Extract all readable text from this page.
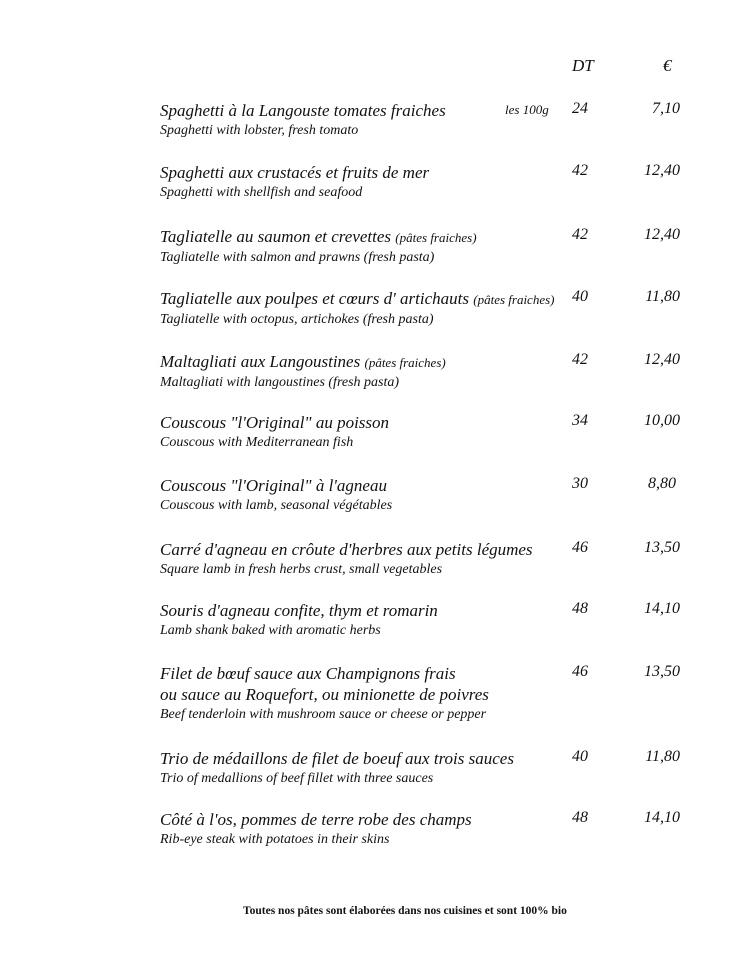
DT	€
Spaghetti à la Langouste tomates fraiches	les 100g
Spaghetti with lobster, fresh tomato
24	7,10
Spaghetti aux crustacés et fruits de mer
Spaghetti with shellfish and seafood
42	12,40
Tagliatelle au saumon et crevettes (pâtes fraiches)
Tagliatelle with salmon and prawns (fresh pasta)
42	12,40
Tagliatelle aux poulpes et cœurs d' artichauts (pâtes fraiches)
Tagliatelle with octopus, artichokes (fresh pasta)
40	11,80
Maltagliati aux Langoustines (pâtes fraiches)
Maltagliati with langoustines (fresh pasta)
42	12,40
Couscous "l'Original" au poisson
Couscous with Mediterranean fish
34	10,00
Couscous "l'Original" à l'agneau
Couscous with lamb, seasonal végétables
30	8,80
Carré d'agneau en crôute d'herbres aux petits légumes
Square lamb in fresh herbs crust, small vegetables
46	13,50
Souris d'agneau confite, thym et romarin
Lamb shank baked with aromatic herbs
48	14,10
Filet de bœuf sauce aux Champignons frais
ou sauce au Roquefort, ou minionette de poivres
Beef tenderloin with mushroom sauce or cheese or pepper
46	13,50
Trio de médaillons de filet de boeuf aux trois sauces
Trio of medallions of beef fillet with three sauces
40	11,80
Côté à l'os, pommes de terre robe des champs
Rib-eye steak with potatoes in their skins
48	14,10
Toutes nos pâtes sont élaborées dans nos cuisines et sont 100% bio
